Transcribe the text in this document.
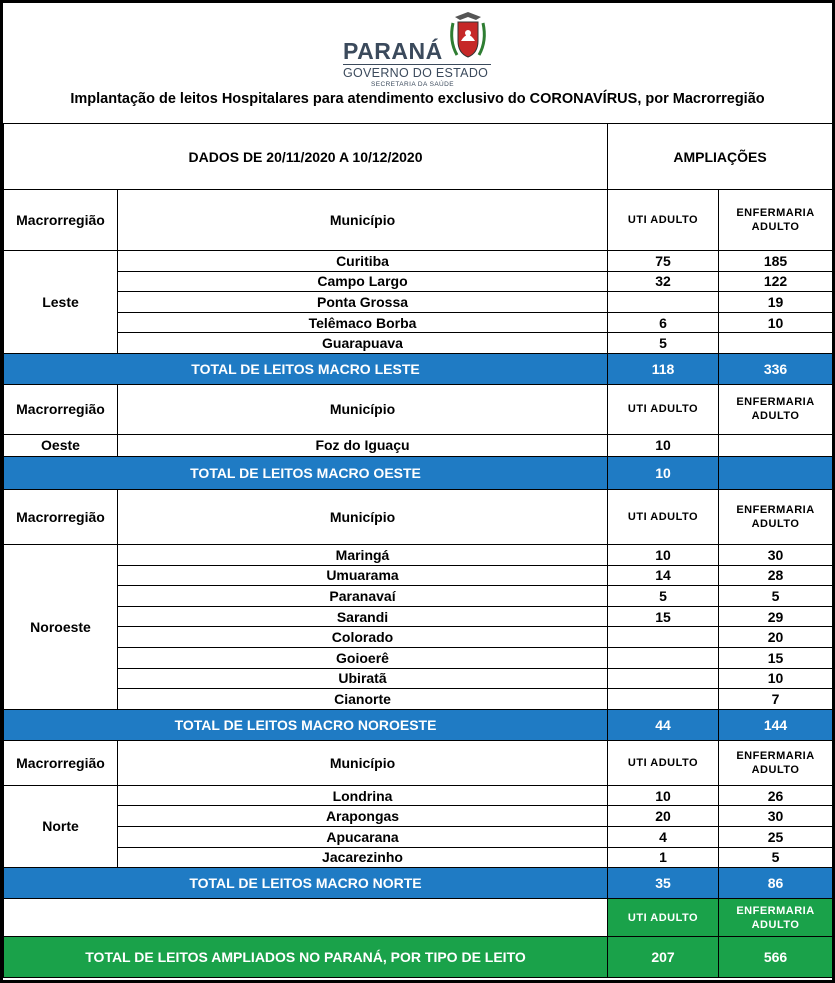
PARANÁ
GOVERNO DO ESTADO
SECRETARIA DA SAÚDE
Implantação de leitos Hospitalares para atendimento exclusivo do CORONAVÍRUS, por Macrorregião
DADOS DE 20/11/2020 A 10/12/2020		AMPLIAÇÕES	
Macrorregião	Município	UTI ADULTO	ENFERMARIA ADULTO
Leste	Curitiba	75	185
	Campo Largo	32	122
	Ponta Grossa		19
	Telêmaco Borba	6	10
	Guarapuava	5	
TOTAL DE LEITOS MACRO LESTE		118	336
Macrorregião	Município	UTI ADULTO	ENFERMARIA ADULTO
Oeste	Foz do Iguaçu	10	
TOTAL DE LEITOS MACRO OESTE		10	
Macrorregião	Município	UTI ADULTO	ENFERMARIA ADULTO
Noroeste	Maringá	10	30
	Umuarama	14	28
	Paranavaí	5	5
	Sarandi	15	29
	Colorado		20
	Goioerê		15
	Ubiratã		10
	Cianorte		7
TOTAL DE LEITOS MACRO NOROESTE		44	144
Macrorregião	Município	UTI ADULTO	ENFERMARIA ADULTO
Norte	Londrina	10	26
	Arapongas	20	30
	Apucarana	4	25
	Jacarezinho	1	5
TOTAL DE LEITOS MACRO NORTE		35	86
		UTI ADULTO	ENFERMARIA ADULTO
TOTAL DE LEITOS AMPLIADOS NO PARANÁ, POR TIPO DE LEITO		207	566
